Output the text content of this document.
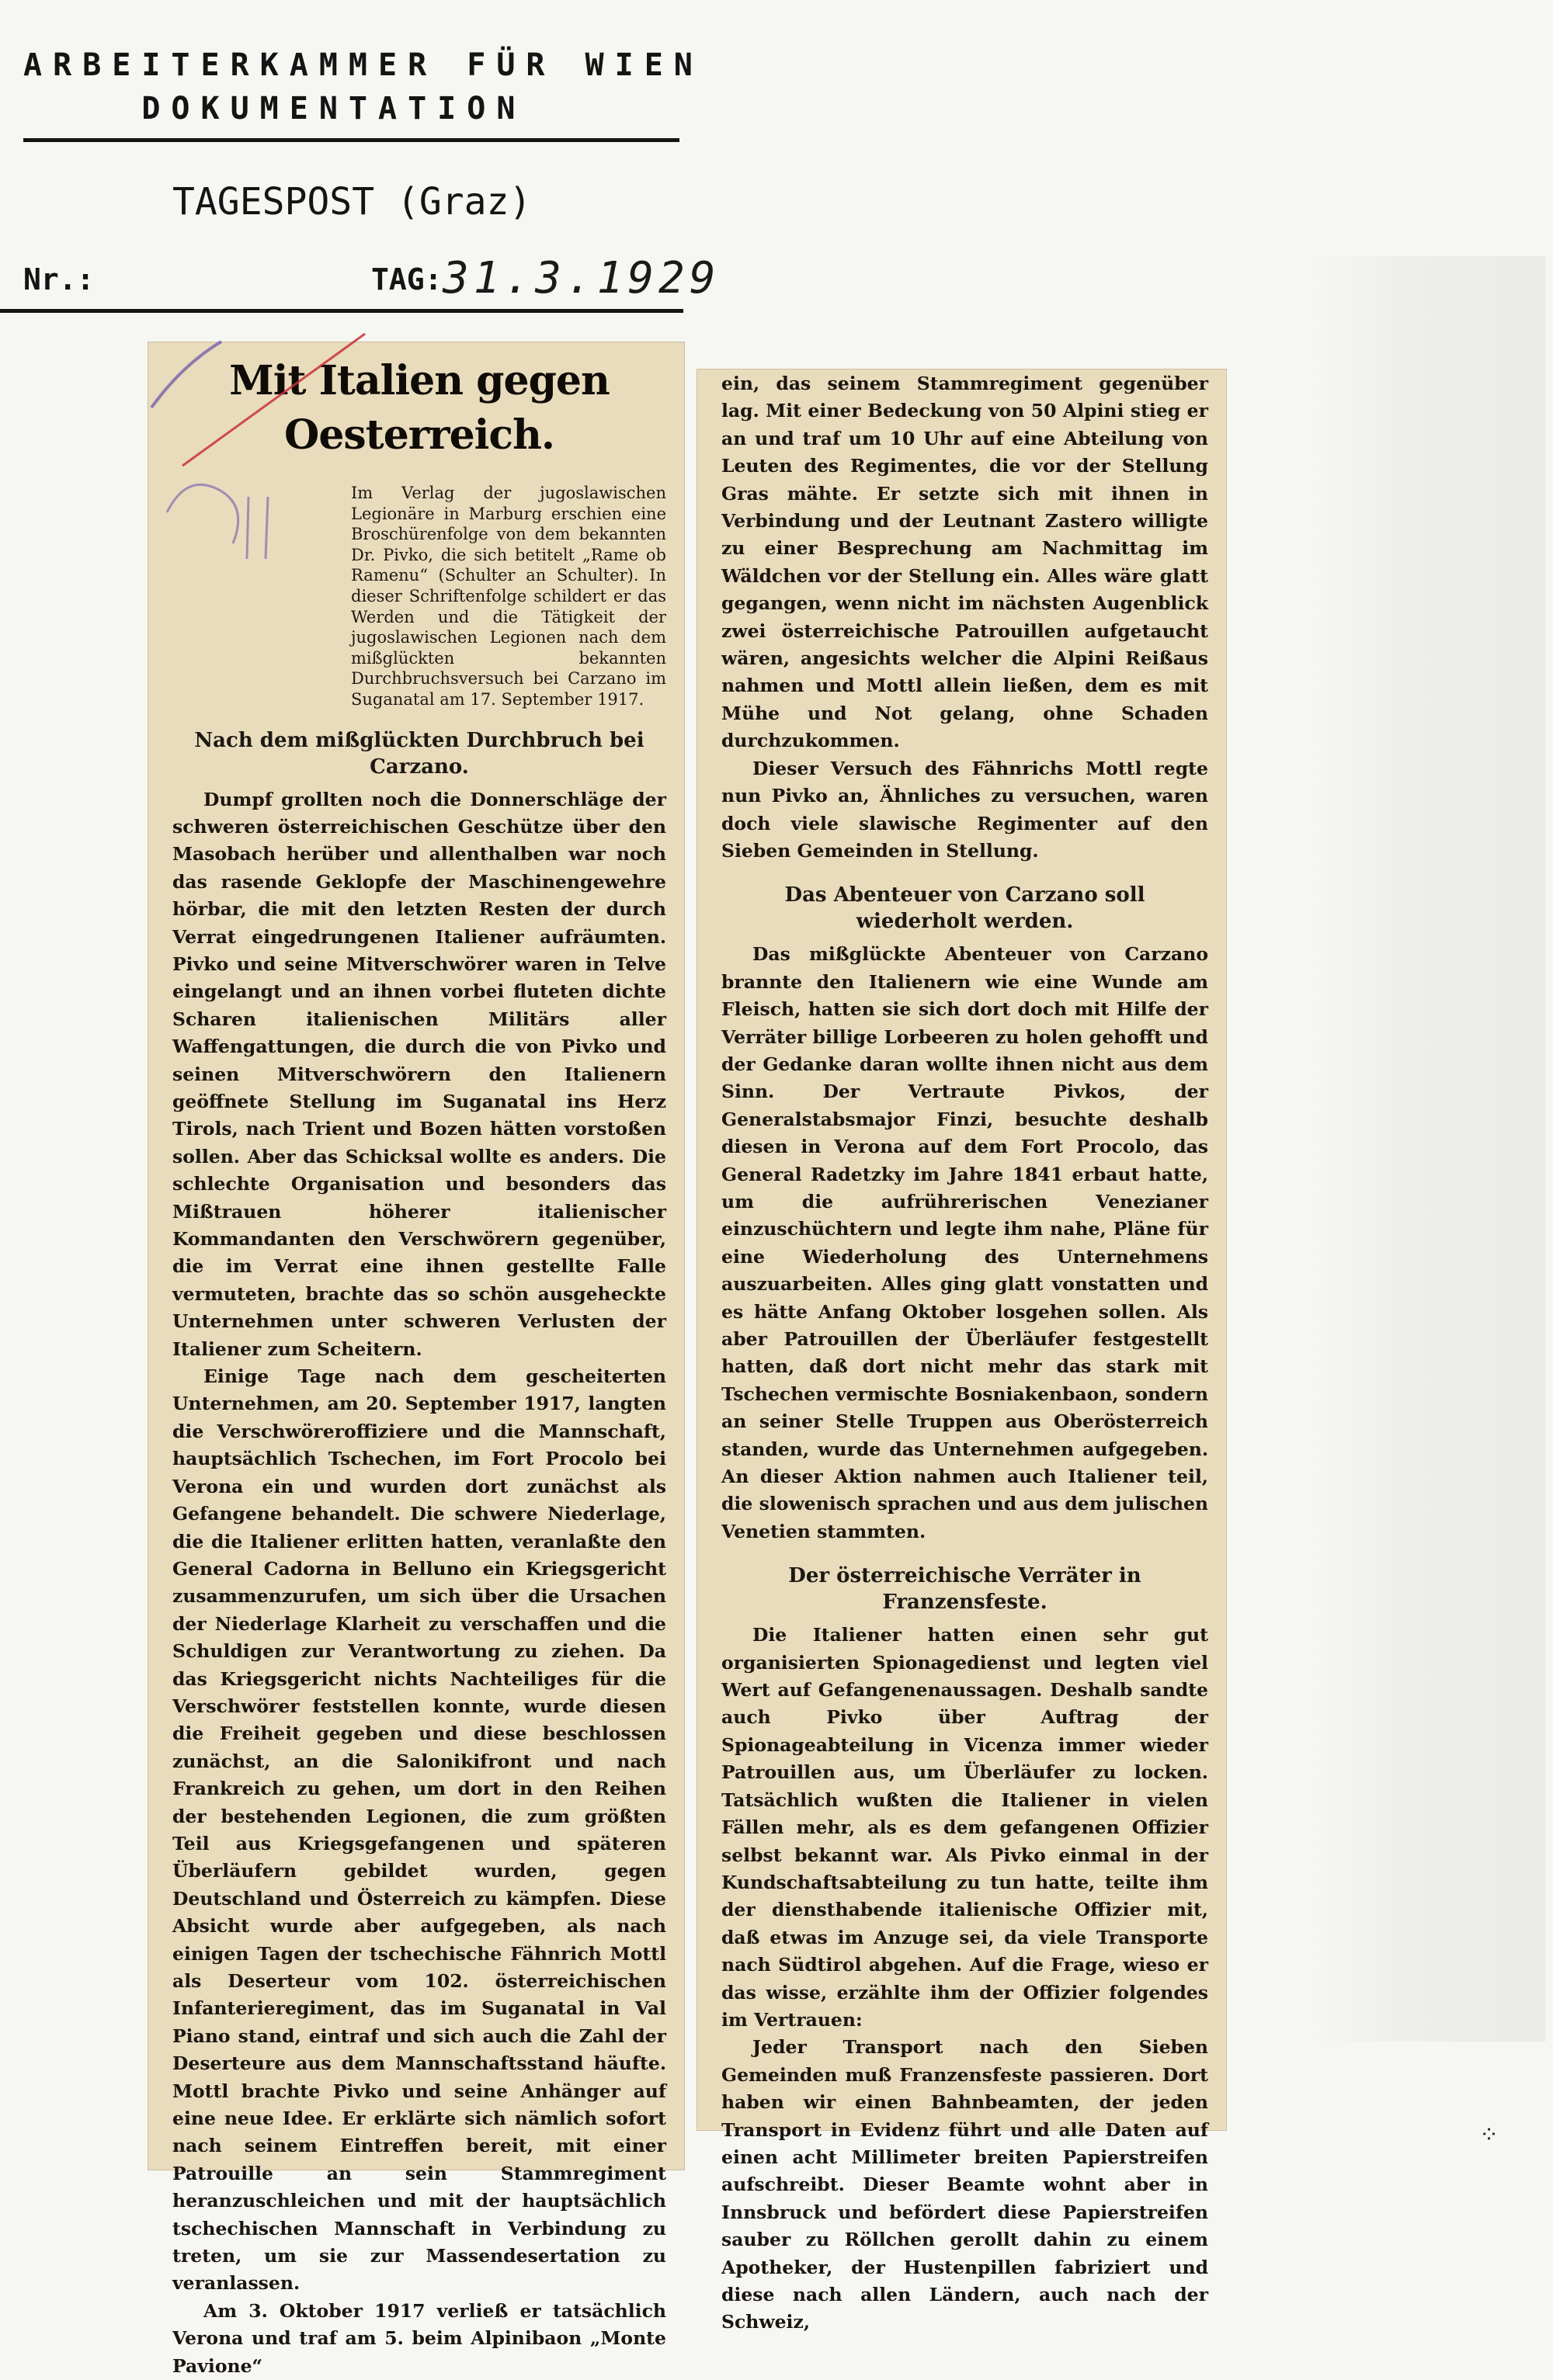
ARBEITERKAMMER FÜR WIEN
DOKUMENTATION
TAGESPOST (Graz)
Nr.:	TAG: 31.3.1929
Mit Italien gegen Oesterreich.
Im Verlag der jugoslawischen Legionäre in Marburg erschien eine Broschürenfolge von dem bekannten Dr. Pivko, die sich betitelt „Rame ob Ramenu“ (Schulter an Schulter). In dieser Schriftenfolge schildert er das Werden und die Tätigkeit der jugoslawischen Legionen nach dem mißglückten bekannten Durchbruchsversuch bei Carzano im Suganatal am 17. September 1917.
Nach dem mißglückten Durchbruch bei Carzano.

Dumpf grollten noch die Donnerschläge der schweren österreichischen Geschütze über den Masobach herüber und allenthalben war noch das rasende Geklopfe der Maschinengewehre hörbar, die mit den letzten Resten der durch Verrat eingedrungenen Italiener aufräumten. Pivko und seine Mitverschwörer waren in Telve eingelangt und an ihnen vorbei fluteten dichte Scharen italienischen Militärs aller Waffengattungen, die durch die von Pivko und seinen Mitverschwörern den Italienern geöffnete Stellung im Suganatal ins Herz Tirols, nach Trient und Bozen hätten vorstoßen sollen. Aber das Schicksal wollte es anders. Die schlechte Organisation und besonders das Mißtrauen höherer italienischer Kommandanten den Verschwörern gegenüber, die im Verrat eine ihnen gestellte Falle vermuteten, brachte das so schön ausgeheckte Unternehmen unter schweren Verlusten der Italiener zum Scheitern.

Einige Tage nach dem gescheiterten Unternehmen, am 20. September 1917, langten die Verschwöreroffiziere und die Mannschaft, hauptsächlich Tschechen, im Fort Procolo bei Verona ein und wurden dort zunächst als Gefangene behandelt. Die schwere Niederlage, die die Italiener erlitten hatten, veranlaßte den General Cadorna in Belluno ein Kriegsgericht zusammenzurufen, um sich über die Ursachen der Niederlage Klarheit zu verschaffen und die Schuldigen zur Verantwortung zu ziehen. Da das Kriegsgericht nichts Nachteiliges für die Verschwörer feststellen konnte, wurde diesen die Freiheit gegeben und diese beschlossen zunächst, an die Salonikifront und nach Frankreich zu gehen, um dort in den Reihen der bestehenden Legionen, die zum größten Teil aus Kriegsgefangenen und späteren Überläufern gebildet wurden, gegen Deutschland und Österreich zu kämpfen. Diese Absicht wurde aber aufgegeben, als nach einigen Tagen der tschechische Fähnrich Mottl als Deserteur vom 102. österreichischen Infanterieregiment, das im Suganatal in Val Piano stand, eintraf und sich auch die Zahl der Deserteure aus dem Mannschaftsstand häufte. Mottl brachte Pivko und seine Anhänger auf eine neue Idee. Er erklärte sich nämlich sofort nach seinem Eintreffen bereit, mit einer Patrouille an sein Stammregiment heranzuschleichen und mit der hauptsächlich tschechischen Mannschaft in Verbindung zu treten, um sie zur Massendesertation zu veranlassen.

Am 3. Oktober 1917 verließ er tatsächlich Verona und traf am 5. beim Alpinibaon „Monte Pavione“

ein, das seinem Stammregiment gegenüber lag. Mit einer Bedeckung von 50 Alpini stieg er an und traf um 10 Uhr auf eine Abteilung von Leuten des Regimentes, die vor der Stellung Gras mähte. Er setzte sich mit ihnen in Verbindung und der Leutnant Zastero willigte zu einer Besprechung am Nachmittag im Wäldchen vor der Stellung ein. Alles wäre glatt gegangen, wenn nicht im nächsten Augenblick zwei österreichische Patrouillen aufgetaucht wären, angesichts welcher die Alpini Reißaus nahmen und Mottl allein ließen, dem es mit Mühe und Not gelang, ohne Schaden durchzukommen.

Dieser Versuch des Fähnrichs Mottl regte nun Pivko an, Ähnliches zu versuchen, waren doch viele slawische Regimenter auf den Sieben Gemeinden in Stellung.

Das Abenteuer von Carzano soll wiederholt werden.

Das mißglückte Abenteuer von Carzano brannte den Italienern wie eine Wunde am Fleisch, hatten sie sich dort doch mit Hilfe der Verräter billige Lorbeeren zu holen gehofft und der Gedanke daran wollte ihnen nicht aus dem Sinn. Der Vertraute Pivkos, der Generalstabsmajor Finzi, besuchte deshalb diesen in Verona auf dem Fort Procolo, das General Radetzky im Jahre 1841 erbaut hatte, um die aufrührerischen Venezianer einzuschüchtern und legte ihm nahe, Pläne für eine Wiederholung des Unternehmens auszuarbeiten. Alles ging glatt vonstatten und es hätte Anfang Oktober losgehen sollen. Als aber Patrouillen der Überläufer festgestellt hatten, daß dort nicht mehr das stark mit Tschechen vermischte Bosniakenbaon, sondern an seiner Stelle Truppen aus Oberösterreich standen, wurde das Unternehmen aufgegeben. An dieser Aktion nahmen auch Italiener teil, die slowenisch sprachen und aus dem julischen Venetien stammten.

Der österreichische Verräter in Franzensfeste.

Die Italiener hatten einen sehr gut organisierten Spionagedienst und legten viel Wert auf Gefangenenaussagen. Deshalb sandte auch Pivko über Auftrag der Spionageabteilung in Vicenza immer wieder Patrouillen aus, um Überläufer zu locken. Tatsächlich wußten die Italiener in vielen Fällen mehr, als es dem gefangenen Offizier selbst bekannt war. Als Pivko einmal in der Kundschaftsabteilung zu tun hatte, teilte ihm der diensthabende italienische Offizier mit, daß etwas im Anzuge sei, da viele Transporte nach Südtirol abgehen. Auf die Frage, wieso er das wisse, erzählte ihm der Offizier folgendes im Vertrauen:

Jeder Transport nach den Sieben Gemeinden muß Franzensfeste passieren. Dort haben wir einen Bahnbeamten, der jeden Transport in Evidenz führt und alle Daten auf einen acht Millimeter breiten Papierstreifen aufschreibt. Dieser Beamte wohnt aber in Innsbruck und befördert diese Papierstreifen sauber zu Röllchen gerollt dahin zu einem Apotheker, der Hustenpillen fabriziert und diese nach allen Ländern, auch nach der Schweiz,

⁘
